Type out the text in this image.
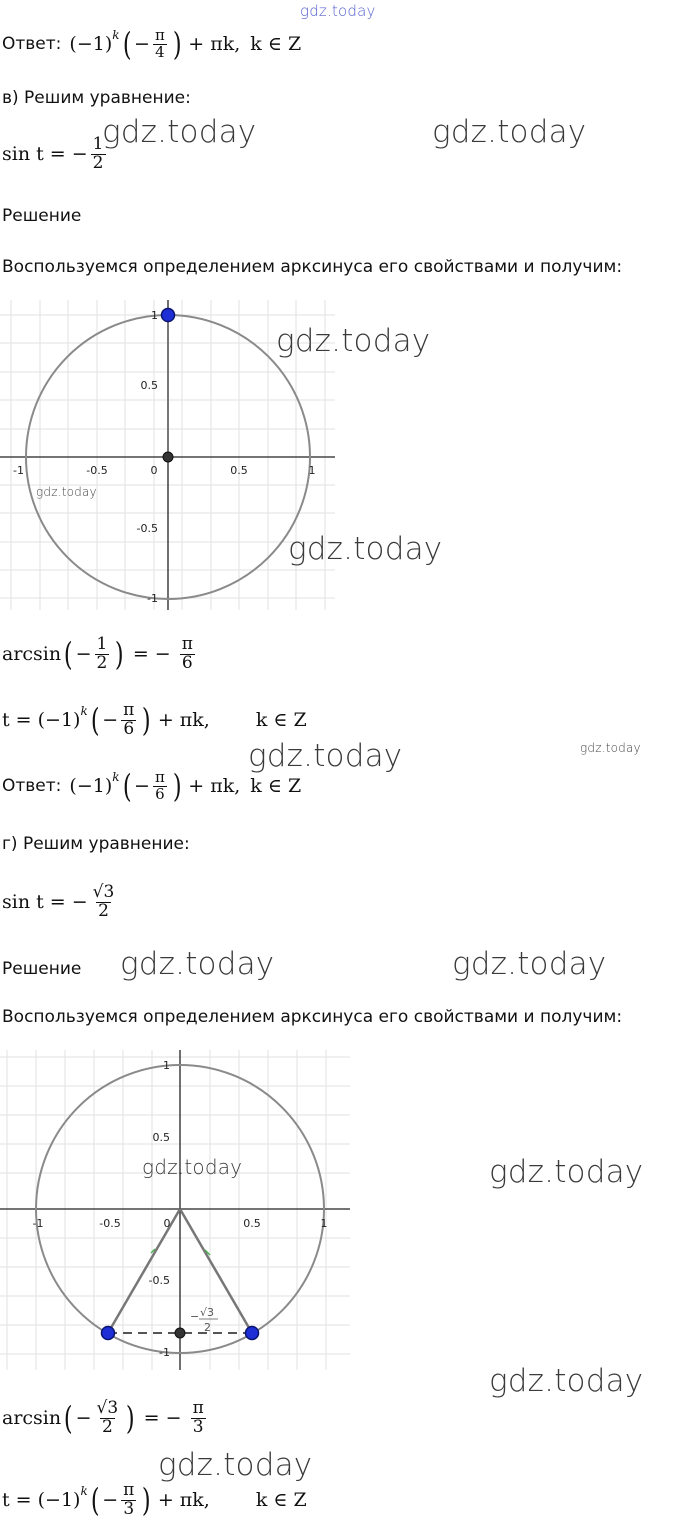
gdz.today
Ответ: (−1) k ( − $\frac{\pi}{4}$ ) + πk, k ∈ Z
в) Решим уравнение:
sin t = − $\frac{1}{2}$
gdz.today	gdz.today
Решение
Воспользуемся определением арксинуса его свойствами и получим:
-1	-0.5	0	0.5	1
1
0.5
-0.5
-1
gdz.today
gdz.today
gdz.today
arcsin ( − $\frac{1}{2}$ ) = − $\frac{\pi}{6}$
t = (−1) k ( − $\frac{\pi}{6}$ ) + πk, k ∈ Z
gdz.today	gdz.today
Ответ: (−1) k ( − $\frac{\pi}{6}$ ) + πk, k ∈ Z
г) Решим уравнение:
sin t = − $\frac{√3}{2}$
Решение gdz.today	gdz.today
Воспользуемся определением арксинуса его свойствами и получим:
-1	-0.5	0	0.5	1
1
0.5
-0.5
-1
− √3
2
gdz.today	gdz.today
gdz.today
arcsin ( − $\frac{√3}{2}$ ) = − $\frac{\pi}{3}$
gdz.today
t = (−1) k ( − $\frac{\pi}{3}$ ) + πk, k ∈ Z
